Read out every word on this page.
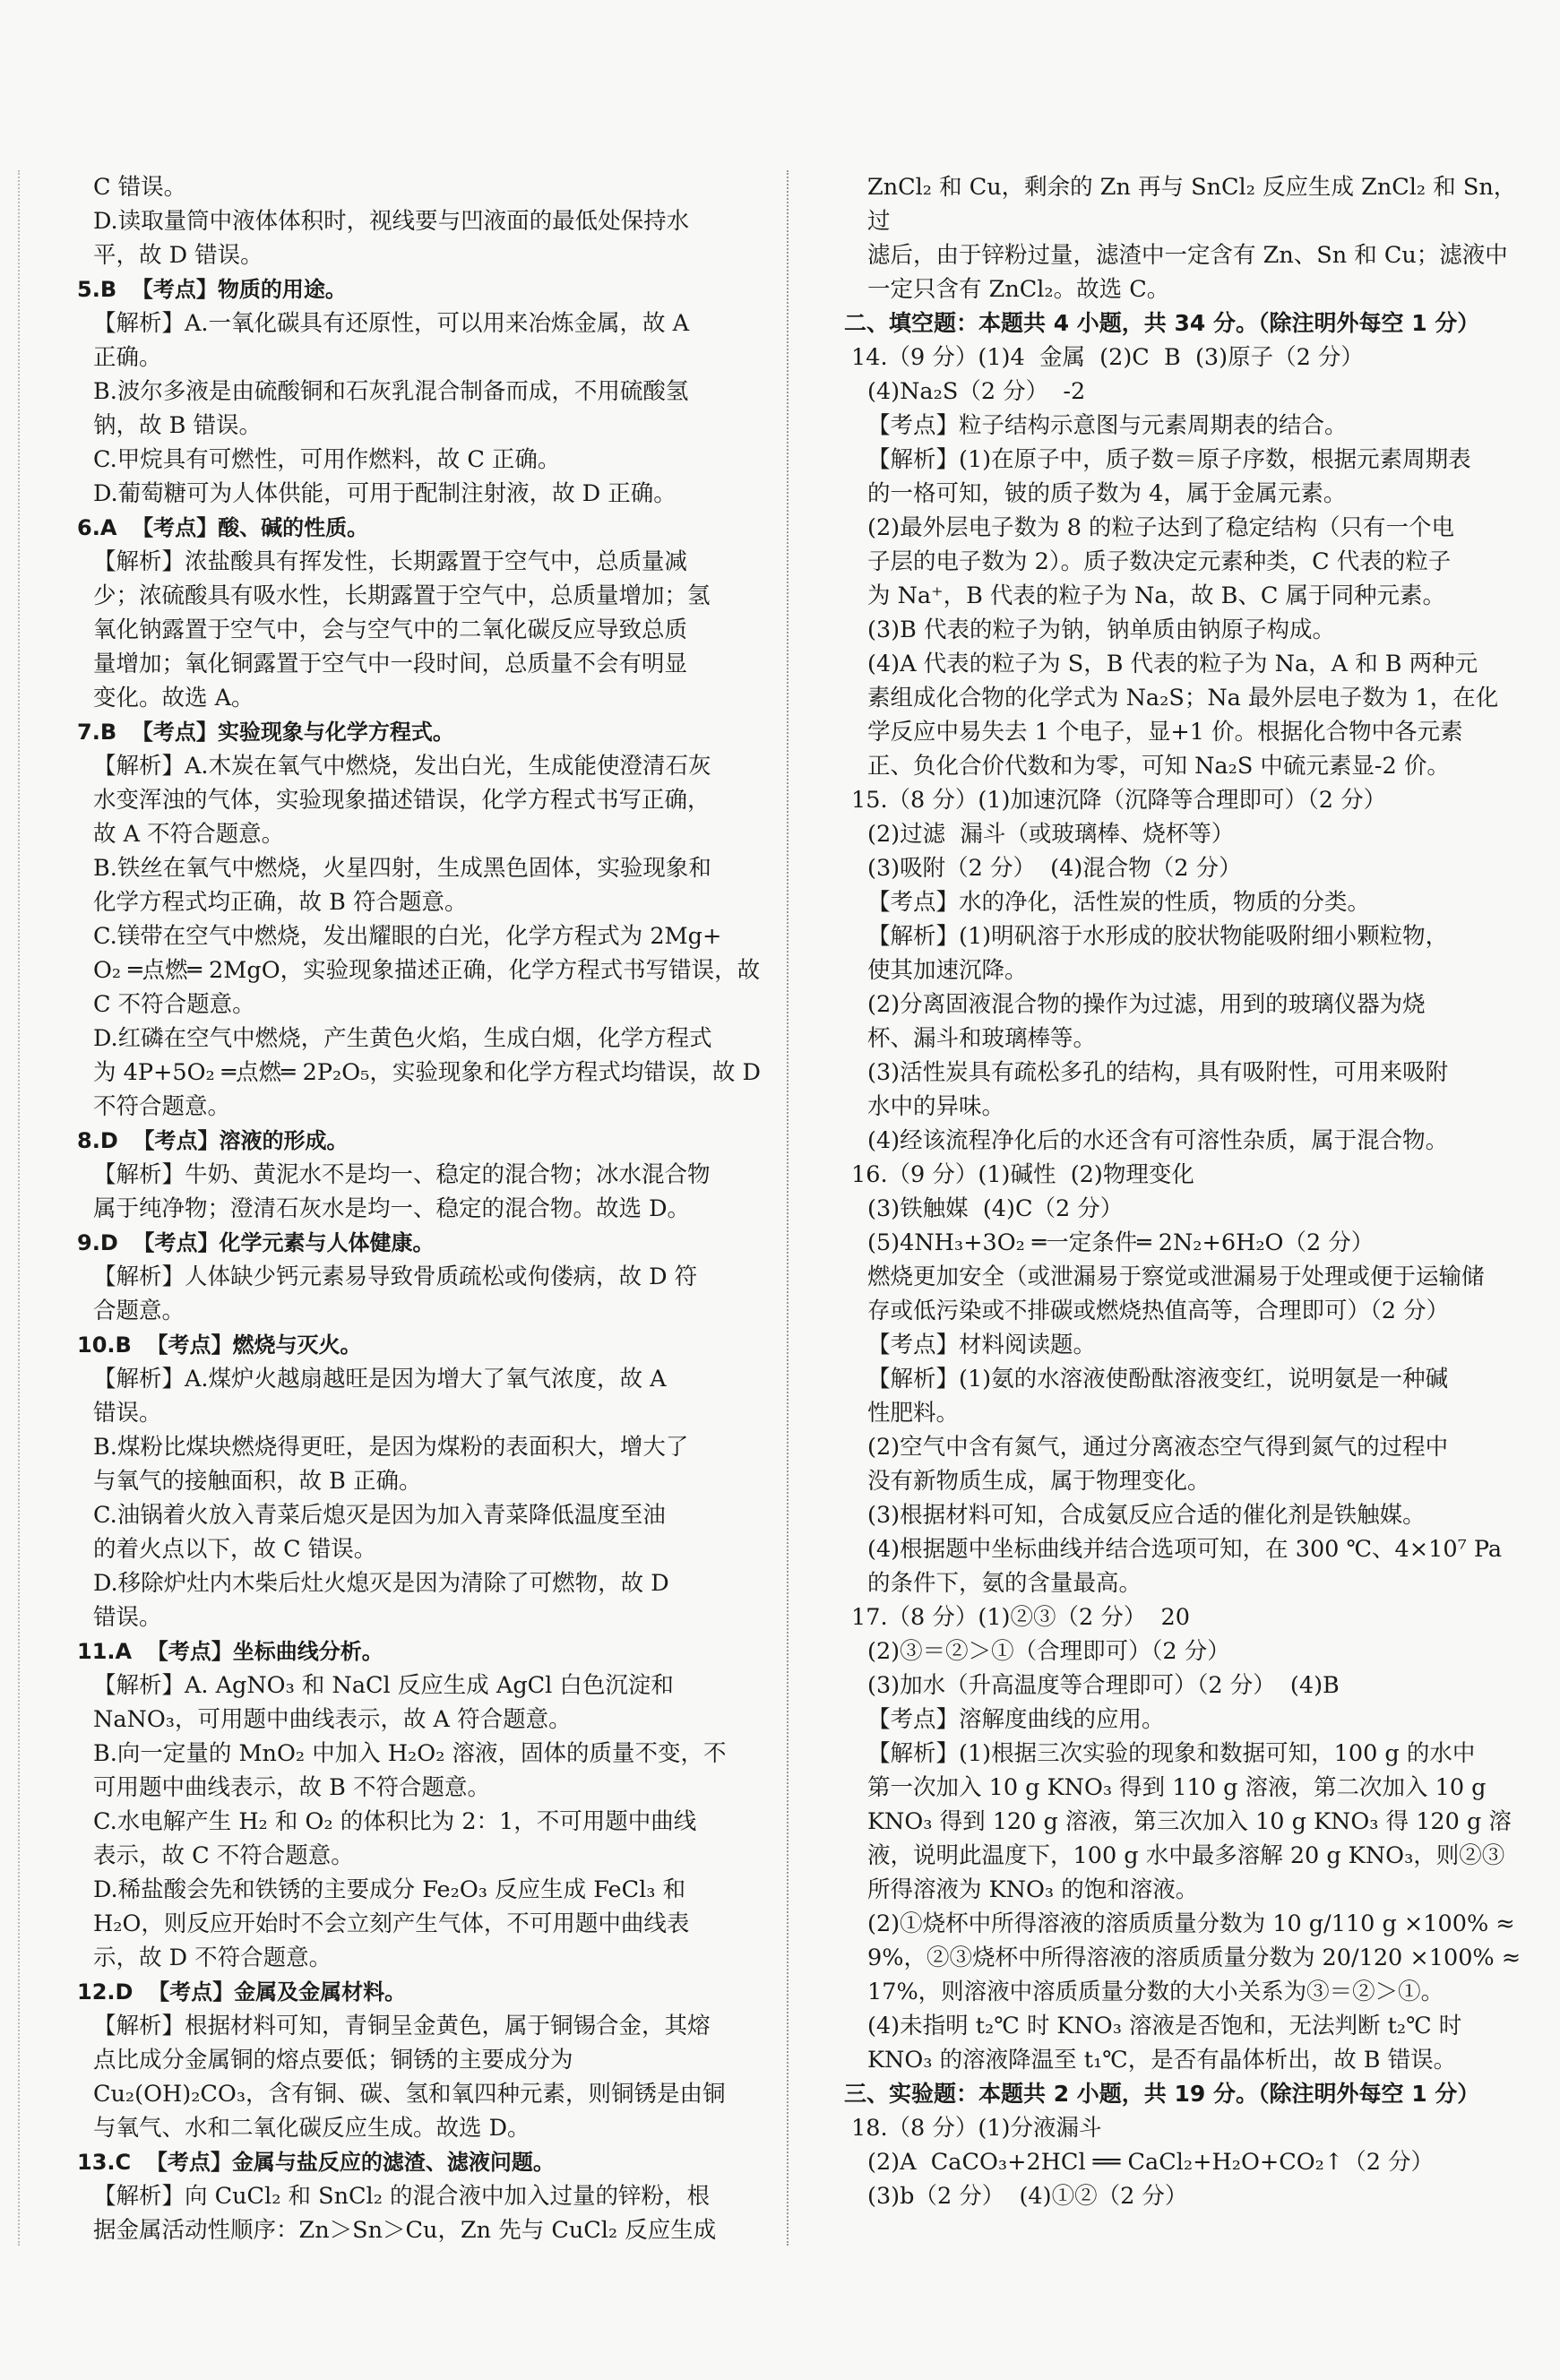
C 错误。

D.读取量筒中液体体积时，视线要与凹液面的最低处保持水

平，故 D 错误。

5.B  【考点】物质的用途。

【解析】A.一氧化碳具有还原性，可以用来冶炼金属，故 A

正确。

B.波尔多液是由硫酸铜和石灰乳混合制备而成，不用硫酸氢

钠，故 B 错误。

C.甲烷具有可燃性，可用作燃料，故 C 正确。

D.葡萄糖可为人体供能，可用于配制注射液，故 D 正确。

6.A  【考点】酸、碱的性质。

【解析】浓盐酸具有挥发性，长期露置于空气中，总质量减

少；浓硫酸具有吸水性，长期露置于空气中，总质量增加；氢

氧化钠露置于空气中，会与空气中的二氧化碳反应导致总质

量增加；氧化铜露置于空气中一段时间，总质量不会有明显

变化。故选 A。

7.B  【考点】实验现象与化学方程式。

【解析】A.木炭在氧气中燃烧，发出白光，生成能使澄清石灰

水变浑浊的气体，实验现象描述错误，化学方程式书写正确，

故 A 不符合题意。

B.铁丝在氧气中燃烧，火星四射，生成黑色固体，实验现象和

化学方程式均正确，故 B 符合题意。

C.镁带在空气中燃烧，发出耀眼的白光，化学方程式为 2Mg+

O₂ ═点燃═ 2MgO，实验现象描述正确，化学方程式书写错误，故

C 不符合题意。

D.红磷在空气中燃烧，产生黄色火焰，生成白烟，化学方程式

为 4P+5O₂ ═点燃═ 2P₂O₅，实验现象和化学方程式均错误，故 D

不符合题意。

8.D  【考点】溶液的形成。

【解析】牛奶、黄泥水不是均一、稳定的混合物；冰水混合物

属于纯净物；澄清石灰水是均一、稳定的混合物。故选 D。

9.D  【考点】化学元素与人体健康。

【解析】人体缺少钙元素易导致骨质疏松或佝偻病，故 D 符

合题意。

10.B  【考点】燃烧与灭火。

【解析】A.煤炉火越扇越旺是因为增大了氧气浓度，故 A

错误。

B.煤粉比煤块燃烧得更旺，是因为煤粉的表面积大，增大了

与氧气的接触面积，故 B 正确。

C.油锅着火放入青菜后熄灭是因为加入青菜降低温度至油

的着火点以下，故 C 错误。

D.移除炉灶内木柴后灶火熄灭是因为清除了可燃物，故 D

错误。

11.A  【考点】坐标曲线分析。

【解析】A. AgNO₃ 和 NaCl 反应生成 AgCl 白色沉淀和

NaNO₃，可用题中曲线表示，故 A 符合题意。

B.向一定量的 MnO₂ 中加入 H₂O₂ 溶液，固体的质量不变，不

可用题中曲线表示，故 B 不符合题意。

C.水电解产生 H₂ 和 O₂ 的体积比为 2：1，不可用题中曲线

表示，故 C 不符合题意。

D.稀盐酸会先和铁锈的主要成分 Fe₂O₃ 反应生成 FeCl₃ 和

H₂O，则反应开始时不会立刻产生气体，不可用题中曲线表

示，故 D 不符合题意。

12.D  【考点】金属及金属材料。

【解析】根据材料可知，青铜呈金黄色，属于铜锡合金，其熔

点比成分金属铜的熔点要低；铜锈的主要成分为

Cu₂(OH)₂CO₃，含有铜、碳、氢和氧四种元素，则铜锈是由铜

与氧气、水和二氧化碳反应生成。故选 D。

13.C  【考点】金属与盐反应的滤渣、滤液问题。

【解析】向 CuCl₂ 和 SnCl₂ 的混合液中加入过量的锌粉，根

据金属活动性顺序：Zn＞Sn＞Cu，Zn 先与 CuCl₂ 反应生成

ZnCl₂ 和 Cu，剩余的 Zn 再与 SnCl₂ 反应生成 ZnCl₂ 和 Sn，过

滤后，由于锌粉过量，滤渣中一定含有 Zn、Sn 和 Cu；滤液中

一定只含有 ZnCl₂。故选 C。

二、填空题：本题共 4 小题，共 34 分。（除注明外每空 1 分）

14.（9 分）(1)4  金属  (2)C  B  (3)原子（2 分）

(4)Na₂S（2 分）  -2

【考点】粒子结构示意图与元素周期表的结合。

【解析】(1)在原子中，质子数＝原子序数，根据元素周期表

的一格可知，铍的质子数为 4，属于金属元素。

(2)最外层电子数为 8 的粒子达到了稳定结构（只有一个电

子层的电子数为 2）。质子数决定元素种类，C 代表的粒子

为 Na⁺，B 代表的粒子为 Na，故 B、C 属于同种元素。

(3)B 代表的粒子为钠，钠单质由钠原子构成。

(4)A 代表的粒子为 S，B 代表的粒子为 Na，A 和 B 两种元

素组成化合物的化学式为 Na₂S；Na 最外层电子数为 1，在化

学反应中易失去 1 个电子，显+1 价。根据化合物中各元素

正、负化合价代数和为零，可知 Na₂S 中硫元素显-2 价。

15.（8 分）(1)加速沉降（沉降等合理即可）（2 分）

(2)过滤  漏斗（或玻璃棒、烧杯等）

(3)吸附（2 分）  (4)混合物（2 分）

【考点】水的净化，活性炭的性质，物质的分类。

【解析】(1)明矾溶于水形成的胶状物能吸附细小颗粒物，

使其加速沉降。

(2)分离固液混合物的操作为过滤，用到的玻璃仪器为烧

杯、漏斗和玻璃棒等。

(3)活性炭具有疏松多孔的结构，具有吸附性，可用来吸附

水中的异味。

(4)经该流程净化后的水还含有可溶性杂质，属于混合物。

16.（9 分）(1)碱性  (2)物理变化

(3)铁触媒  (4)C（2 分）

(5)4NH₃+3O₂ ═一定条件═ 2N₂+6H₂O（2 分）

燃烧更加安全（或泄漏易于察觉或泄漏易于处理或便于运输储

存或低污染或不排碳或燃烧热值高等，合理即可）（2 分）

【考点】材料阅读题。

【解析】(1)氨的水溶液使酚酞溶液变红，说明氨是一种碱

性肥料。

(2)空气中含有氮气，通过分离液态空气得到氮气的过程中

没有新物质生成，属于物理变化。

(3)根据材料可知，合成氨反应合适的催化剂是铁触媒。

(4)根据题中坐标曲线并结合选项可知，在 300 ℃、4×10⁷ Pa

的条件下，氨的含量最高。

17.（8 分）(1)②③（2 分）  20

(2)③＝②＞①（合理即可）（2 分）

(3)加水（升高温度等合理即可）（2 分）  (4)B

【考点】溶解度曲线的应用。

【解析】(1)根据三次实验的现象和数据可知，100 g 的水中

第一次加入 10 g KNO₃ 得到 110 g 溶液，第二次加入 10 g

KNO₃ 得到 120 g 溶液，第三次加入 10 g KNO₃ 得 120 g 溶

液，说明此温度下，100 g 水中最多溶解 20 g KNO₃，则②③

所得溶液为 KNO₃ 的饱和溶液。

(2)①烧杯中所得溶液的溶质质量分数为 10 g/110 g ×100% ≈

9%，②③烧杯中所得溶液的溶质质量分数为 20/120 ×100% ≈

17%，则溶液中溶质质量分数的大小关系为③＝②＞①。

(4)未指明 t₂℃ 时 KNO₃ 溶液是否饱和，无法判断 t₂℃ 时

KNO₃ 的溶液降温至 t₁℃，是否有晶体析出，故 B 错误。

三、实验题：本题共 2 小题，共 19 分。（除注明外每空 1 分）

18.（8 分）(1)分液漏斗

(2)A  CaCO₃+2HCl ══ CaCl₂+H₂O+CO₂↑（2 分）

(3)b（2 分）  (4)①②（2 分）
